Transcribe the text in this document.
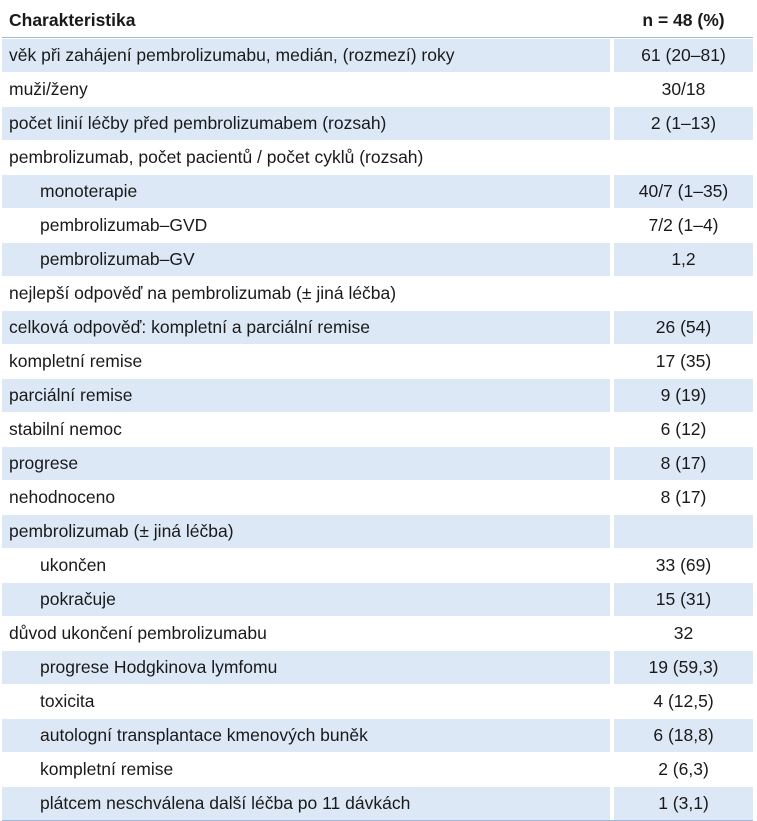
Charakteristika	n = 48 (%)
věk při zahájení pembrolizumabu, medián, (rozmezí) roky	61 (20–81)
muži/ženy	30/18
počet linií léčby před pembrolizumabem (rozsah)	2 (1–13)
pembrolizumab, počet pacientů / počet cyklů (rozsah)
monoterapie	40/7 (1–35)
pembrolizumab–GVD	7/2 (1–4)
pembrolizumab–GV	1,2
nejlepší odpověď na pembrolizumab (± jiná léčba)
celková odpověď: kompletní a parciální remise	26 (54)
kompletní remise	17 (35)
parciální remise	9 (19)
stabilní nemoc	6 (12)
progrese	8 (17)
nehodnoceno	8 (17)
pembrolizumab (± jiná léčba)
ukončen	33 (69)
pokračuje	15 (31)
důvod ukončení pembrolizumabu	32
progrese Hodgkinova lymfomu	19 (59,3)
toxicita	4 (12,5)
autologní transplantace kmenových buněk	6 (18,8)
kompletní remise	2 (6,3)
plátcem neschválena další léčba po 11 dávkách	1 (3,1)
